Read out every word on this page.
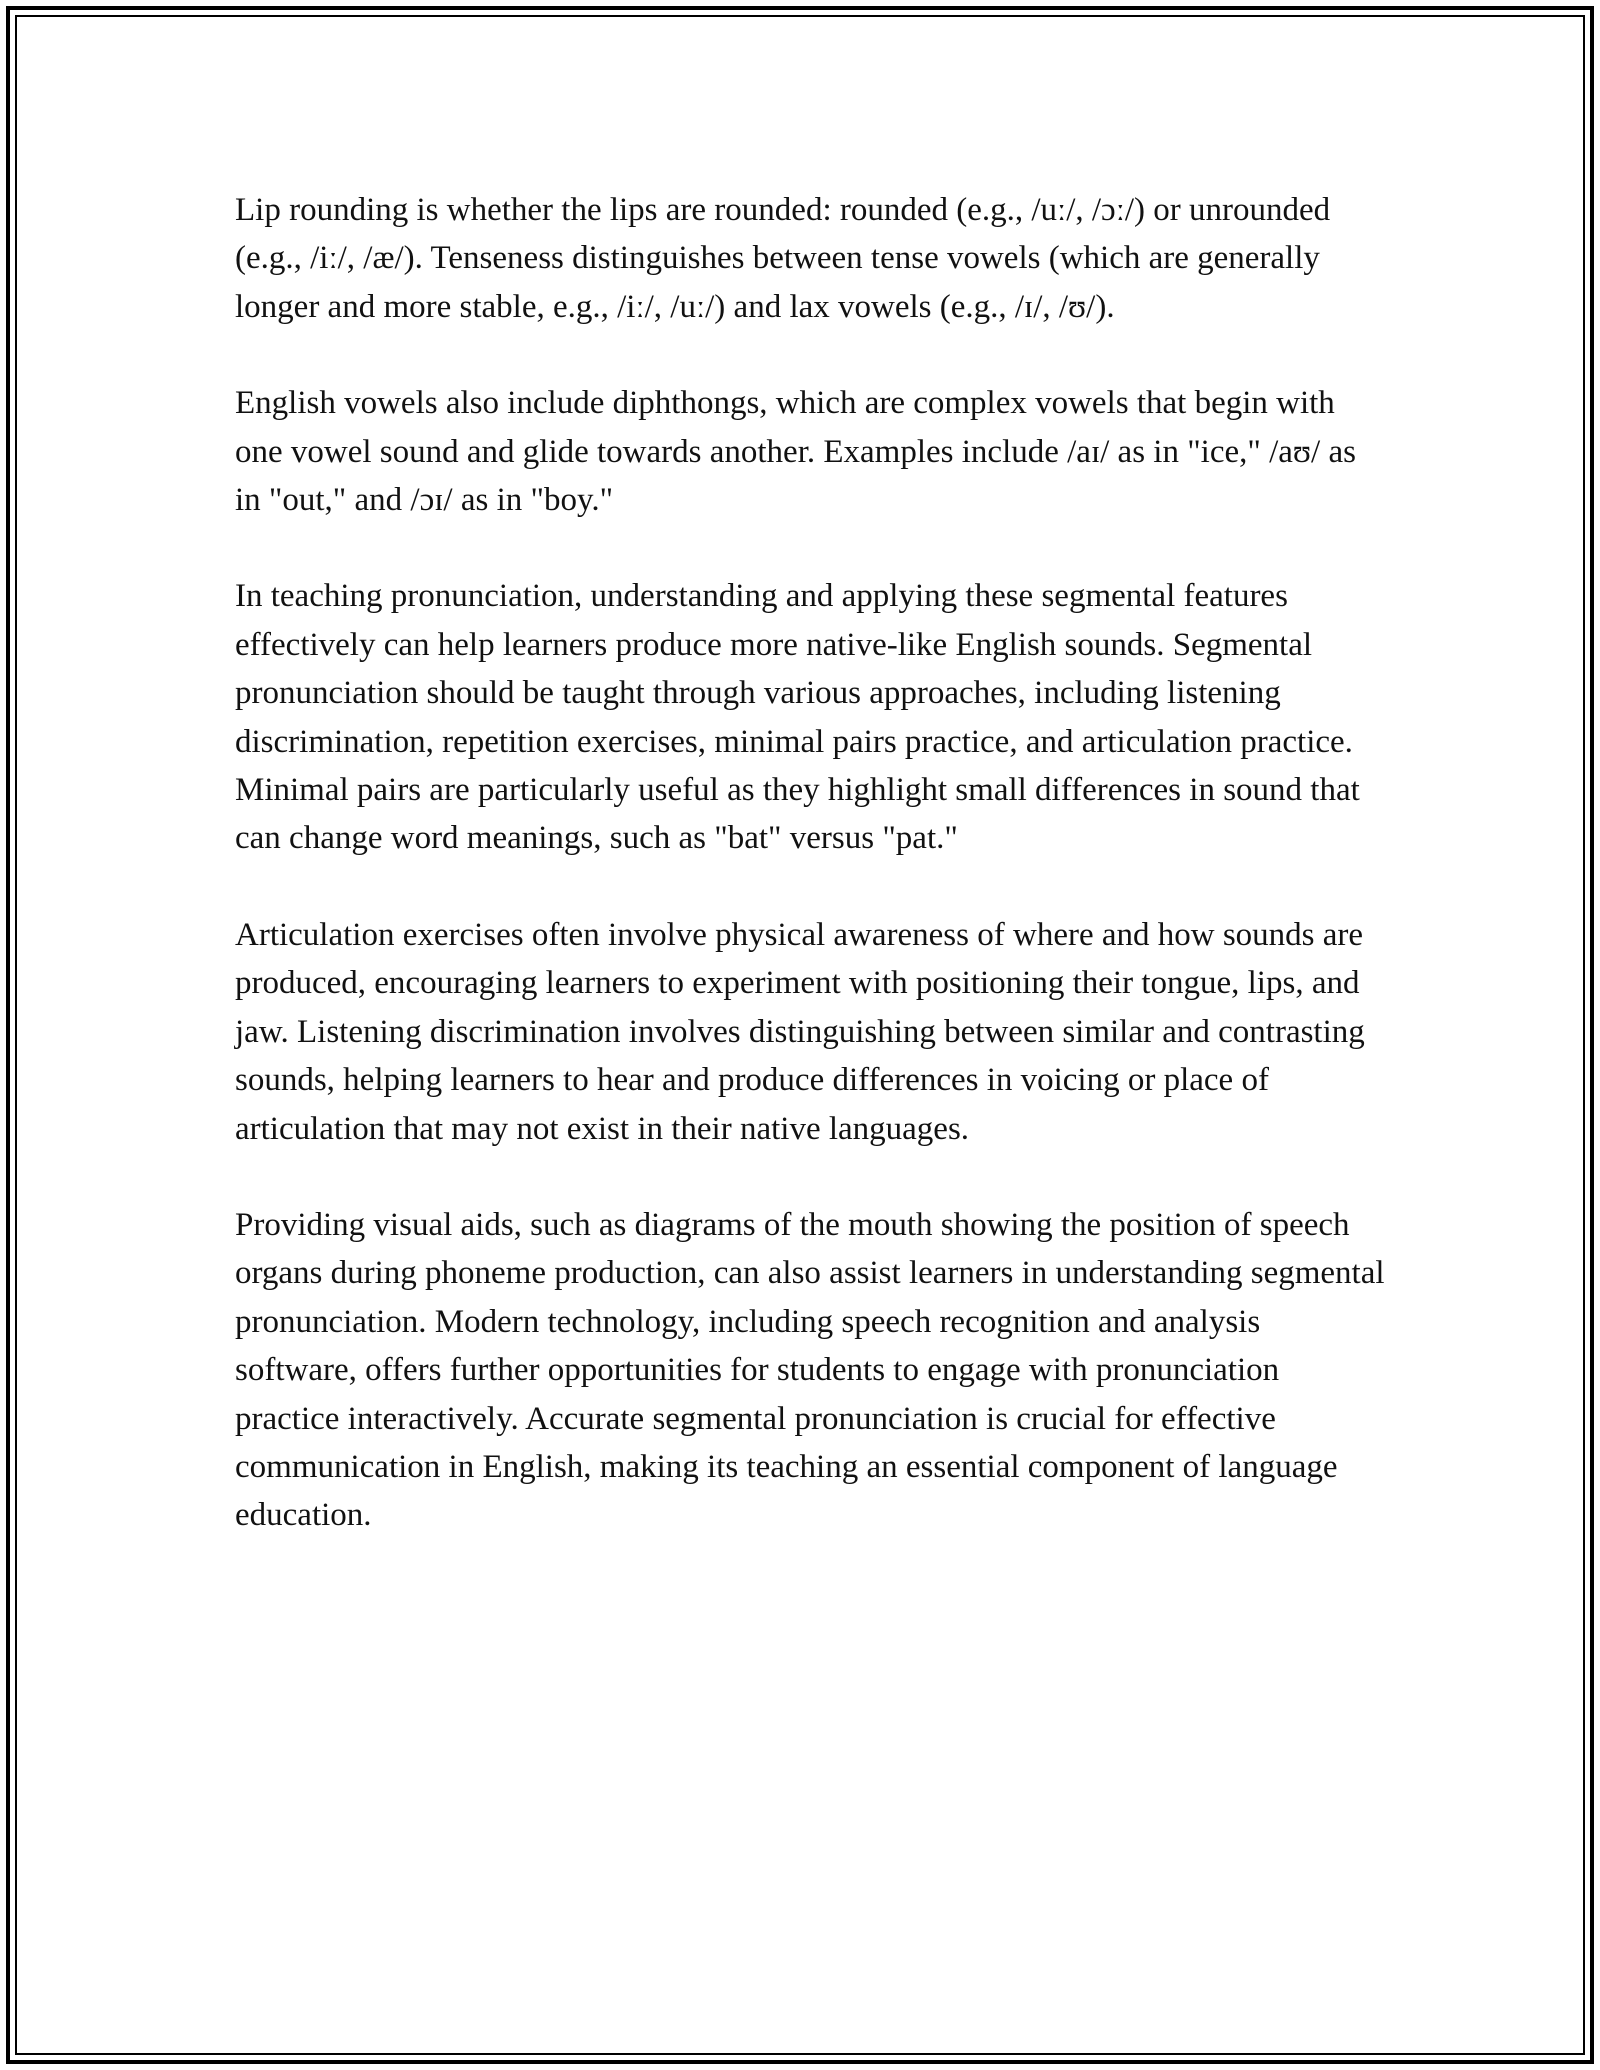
Lip rounding is whether the lips are rounded: rounded (e.g., /uː/, /ɔː/) or unrounded (e.g., /iː/, /æ/). Tenseness distinguishes between tense vowels (which are generally longer and more stable, e.g., /iː/, /uː/) and lax vowels (e.g., /ɪ/, /ʊ/).

English vowels also include diphthongs, which are complex vowels that begin with one vowel sound and glide towards another. Examples include /aɪ/ as in "ice," /aʊ/ as in "out," and /ɔɪ/ as in "boy."

In teaching pronunciation, understanding and applying these segmental features effectively can help learners produce more native-like English sounds. Segmental pronunciation should be taught through various approaches, including listening discrimination, repetition exercises, minimal pairs practice, and articulation practice. Minimal pairs are particularly useful as they highlight small differences in sound that can change word meanings, such as "bat" versus "pat."

Articulation exercises often involve physical awareness of where and how sounds are produced, encouraging learners to experiment with positioning their tongue, lips, and jaw. Listening discrimination involves distinguishing between similar and contrasting sounds, helping learners to hear and produce differences in voicing or place of articulation that may not exist in their native languages.

Providing visual aids, such as diagrams of the mouth showing the position of speech organs during phoneme production, can also assist learners in understanding segmental pronunciation. Modern technology, including speech recognition and analysis software, offers further opportunities for students to engage with pronunciation practice interactively. Accurate segmental pronunciation is crucial for effective communication in English, making its teaching an essential component of language education.
